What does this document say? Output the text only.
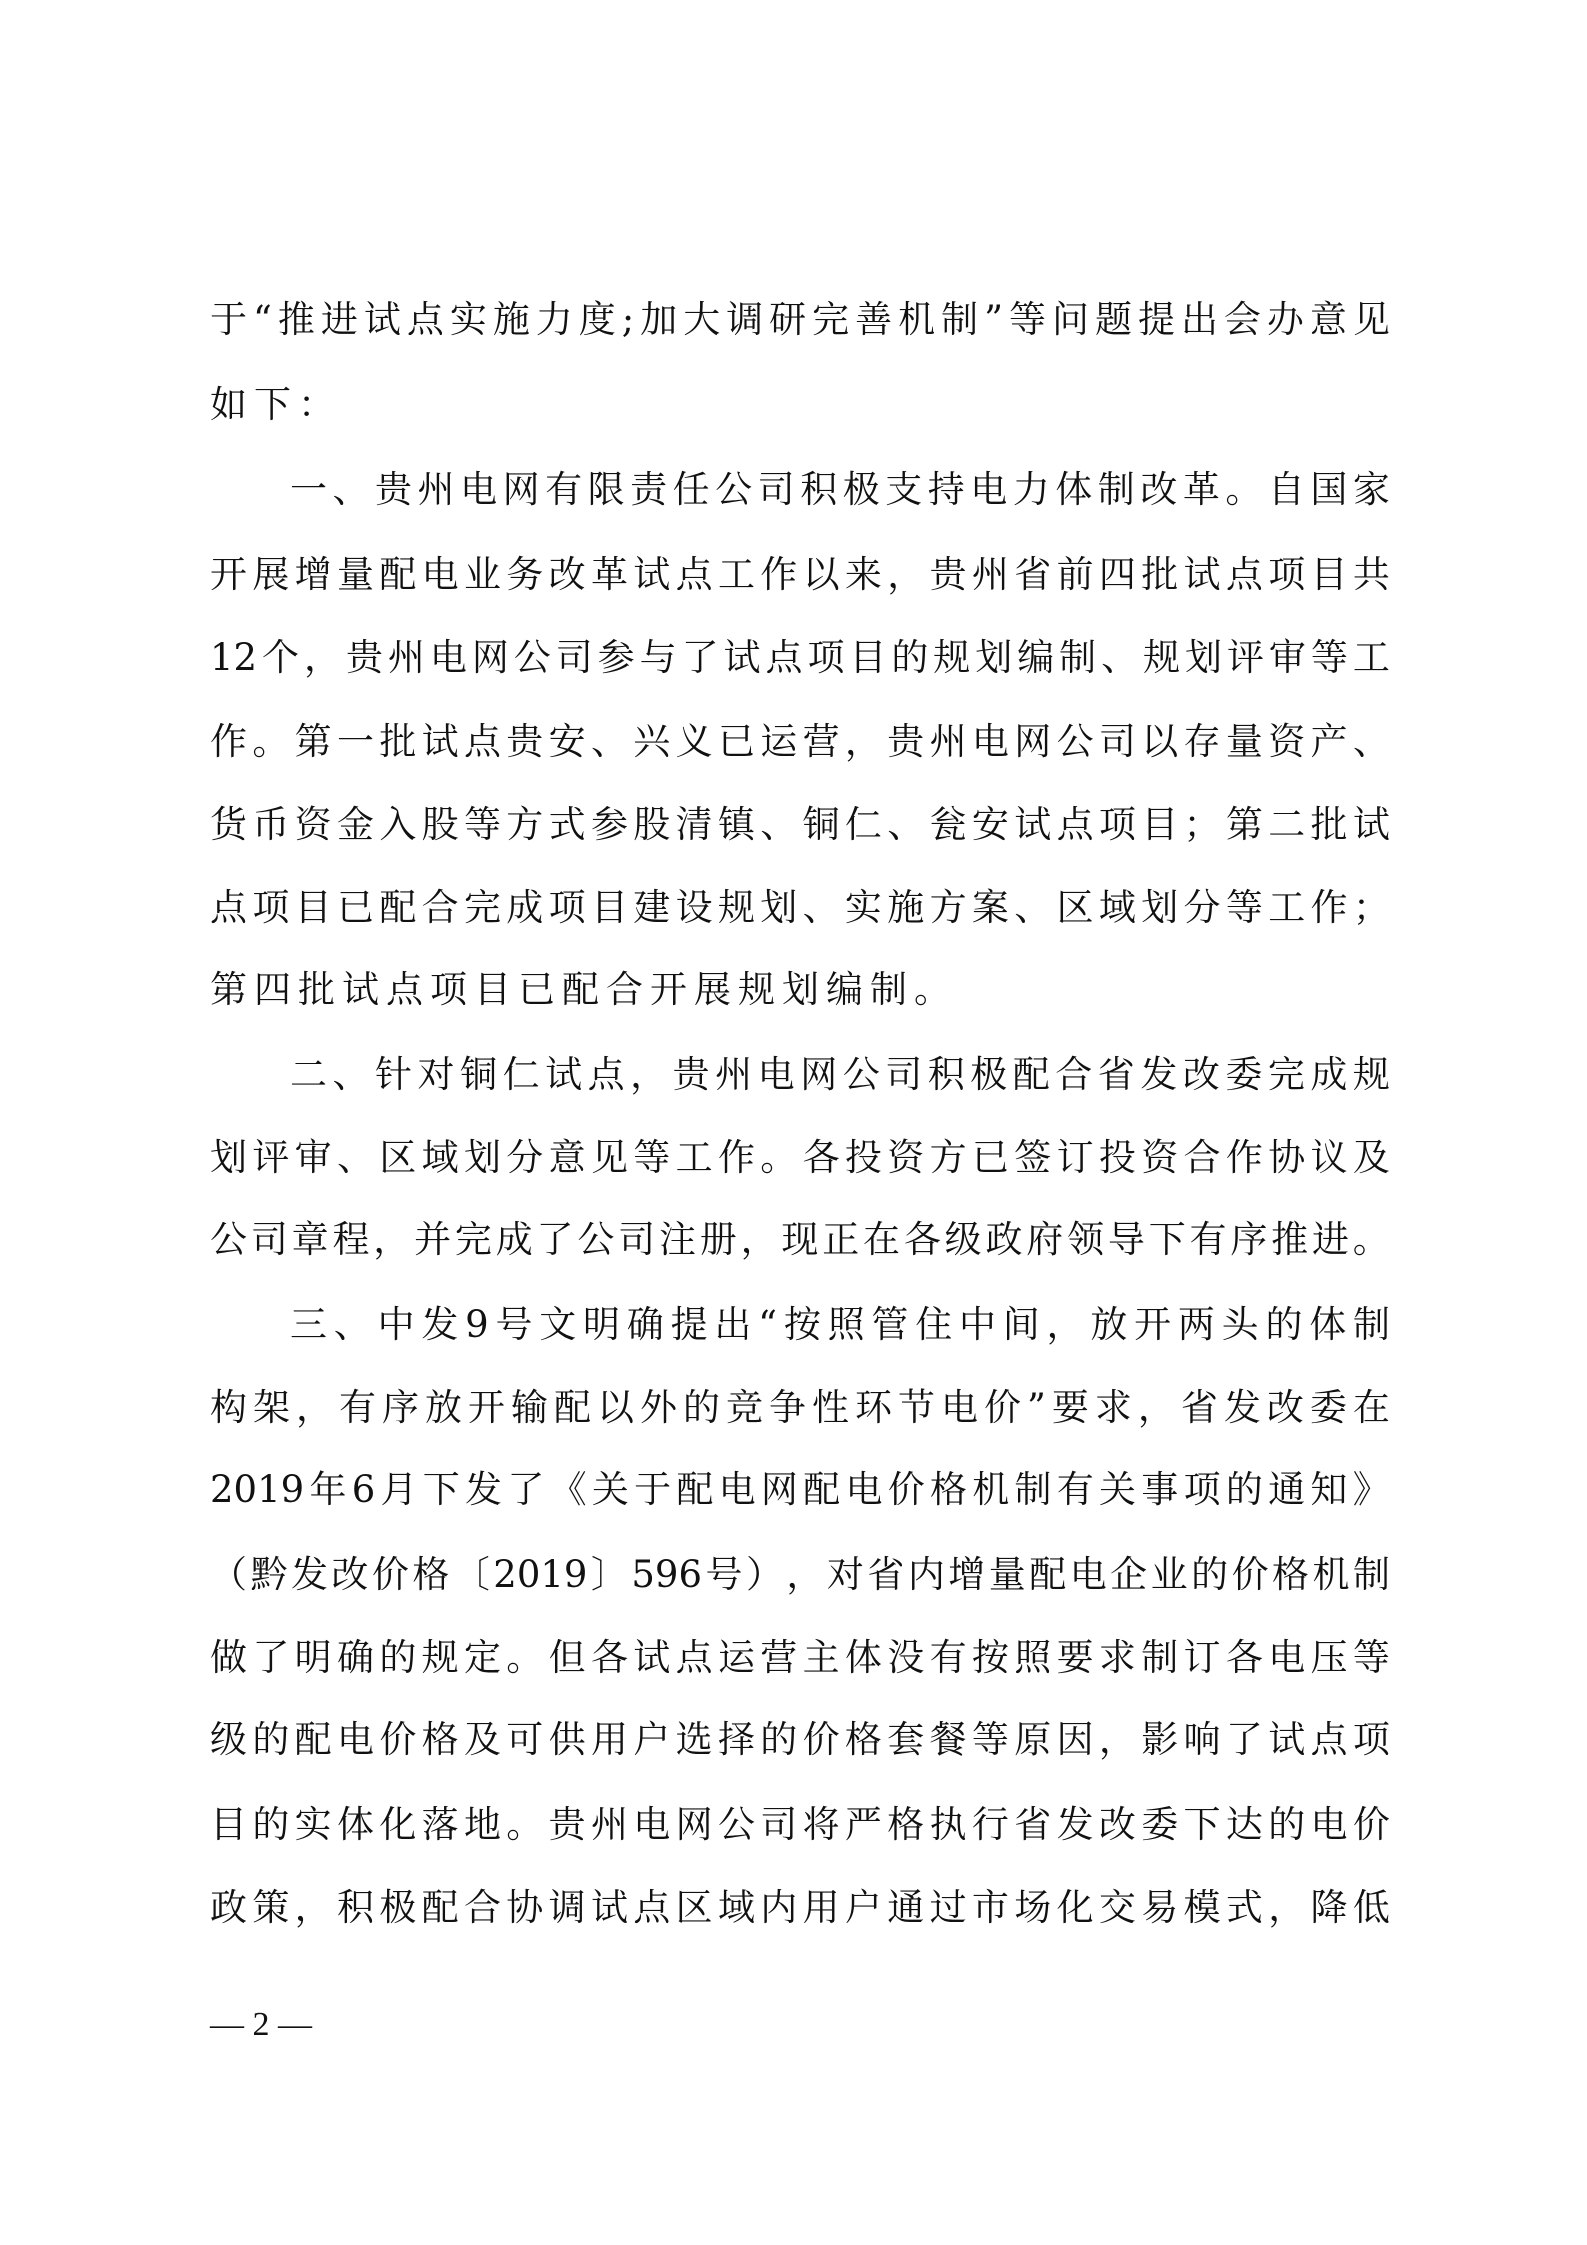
于 “ 推 进 试 点 实 施 力 度 ; 加 大 调 研 完 善 机 制 ” 等 问 题 提 出 会 办 意 见
如下：
一 、 贵 州 电 网 有 限 责 任 公 司 积 极 支 持 电 力 体 制 改 革 。 自 国 家
开 展 增 量 配 电 业 务 改 革 试 点 工 作 以 来 ， 贵 州 省 前 四 批 试 点 项 目 共
12 个 ， 贵 州 电 网 公 司 参 与 了 试 点 项 目 的 规 划 编 制 、 规 划 评 审 等 工
作 。 第 一 批 试 点 贵 安 、 兴 义 已 运 营 ， 贵 州 电 网 公 司 以 存 量 资 产 、
货 币 资 金 入 股 等 方 式 参 股 清 镇 、 铜 仁 、 瓮 安 试 点 项 目 ； 第 二 批 试
点 项 目 已 配 合 完 成 项 目 建 设 规 划 、 实 施 方 案 、 区 域 划 分 等 工 作 ；
第四批试点项目已配合开展规划编制。
二 、 针 对 铜 仁 试 点 ， 贵 州 电 网 公 司 积 极 配 合 省 发 改 委 完 成 规
划 评 审 、 区 域 划 分 意 见 等 工 作 。 各 投 资 方 已 签 订 投 资 合 作 协 议 及
公 司 章 程 ， 并 完 成 了 公 司 注 册 ， 现 正 在 各 级 政 府 领 导 下 有 序 推 进 。
三 、 中 发 9 号 文 明 确 提 出 “ 按 照 管 住 中 间 ， 放 开 两 头 的 体 制
构 架 ， 有 序 放 开 输 配 以 外 的 竞 争 性 环 节 电 价 ” 要 求 ， 省 发 改 委 在
2019 年 6 月 下 发 了 《 关 于 配 电 网 配 电 价 格 机 制 有 关 事 项 的 通 知 》
（ 黔 发 改 价 格 〔 2019 〕 596 号 ） ， 对 省 内 增 量 配 电 企 业 的 价 格 机 制
做 了 明 确 的 规 定 。 但 各 试 点 运 营 主 体 没 有 按 照 要 求 制 订 各 电 压 等
级 的 配 电 价 格 及 可 供 用 户 选 择 的 价 格 套 餐 等 原 因 ， 影 响 了 试 点 项
目 的 实 体 化 落 地 。 贵 州 电 网 公 司 将 严 格 执 行 省 发 改 委 下 达 的 电 价
政 策 ， 积 极 配 合 协 调 试 点 区 域 内 用 户 通 过 市 场 化 交 易 模 式 ， 降 低
— 2 —
